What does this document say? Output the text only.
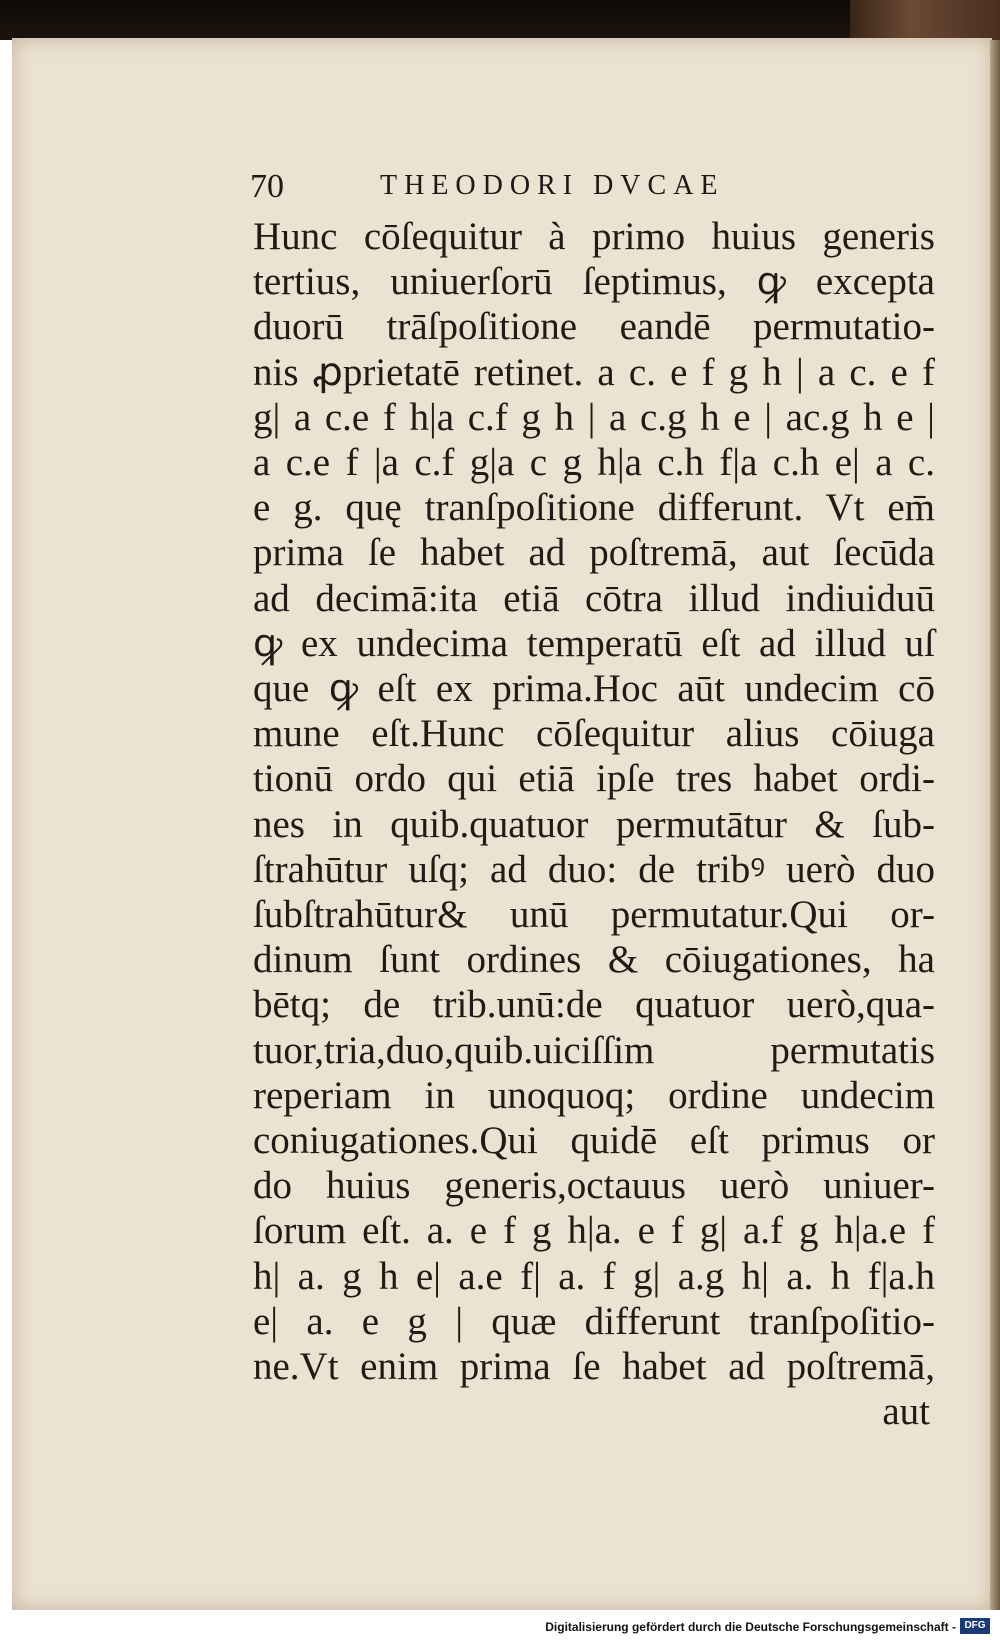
70	THEODORI DVCAE
Hunc cōſequitur à primo huius generis
tertius, uniuerſorū ſeptimus, ꝙ excepta
duorū trāſpoſitione eandē permutatio-
nis ꝓprietatē retinet. a c. e f g h | a c. e f
g| a c.e f h|a c.f g h | a c.g h e | ac.g h e |
a c.e f |a c.f g|a c g h|a c.h f|a c.h e| a c.
e g. quę tranſpoſitione differunt. Vt em̄
prima ſe habet ad poſtremā, aut ſecūda
ad decimā:ita etiā cōtra illud indiuiduū
ꝙ ex undecima temperatū eſt ad illud uſ
que ꝙ eſt ex prima.Hoc aūt undecim cō
mune eſt.Hunc cōſequitur alius cōiuga
tionū ordo qui etiā ipſe tres habet ordi-
nes in quib.quatuor permutātur & ſub-
ſtrahūtur uſq; ad duo: de tribꝰ uerò duo
ſubſtrahūtur& unū permutatur.Qui or-
dinum ſunt ordines & cōiugationes, ha
bētq; de trib.unū:de quatuor uerò,qua-
tuor,tria,duo,quib.uiciſſim permutatis
reperiam in unoquoq; ordine undecim
coniugationes.Qui quidē eſt primus or
do huius generis,octauus uerò uniuer-
ſorum eſt. a. e f g h|a. e f g| a.f g h|a.e f
h| a. g h e| a.e f| a. f g| a.g h| a. h f|a.h
e| a. e g | quæ differunt tranſpoſitio-
ne.Vt enim prima ſe habet ad poſtremā,
aut
Digitalisierung gefördert durch die Deutsche Forschungsgemeinschaft - DFG
